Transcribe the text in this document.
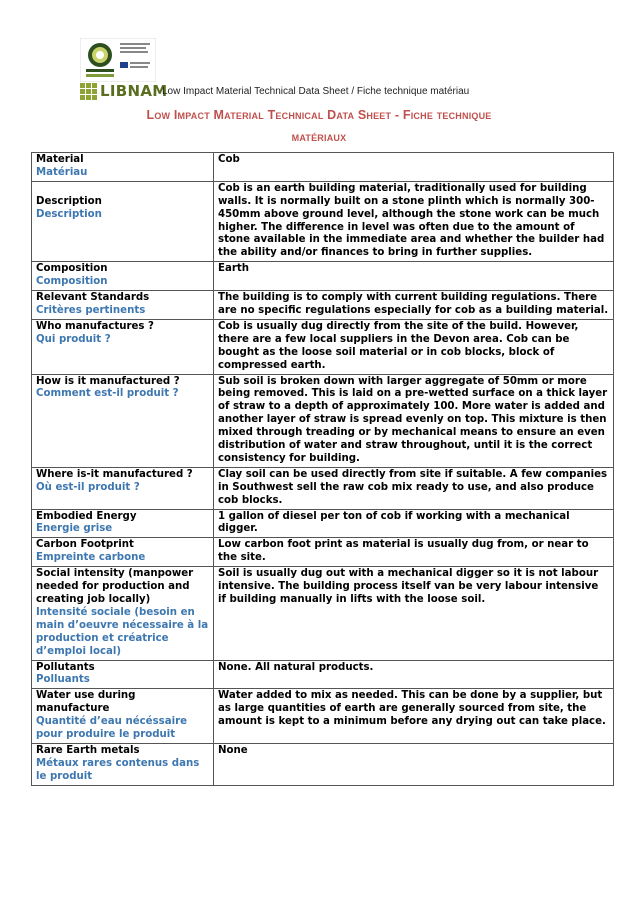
LIBNAM
Low Impact Material Technical Data Sheet / Fiche technique matériau
Low Impact Material Technical Data Sheet - Fiche technique
matériaux
Material
Matériau	Cob

Description
Description	Cob is an earth building material, traditionally used for building walls. It is normally built on a stone plinth which is normally 300-450mm above ground level, although the stone work can be much higher. The difference in level was often due to the amount of stone available in the immediate area and whether the builder had the ability and/or finances to bring in further supplies.

Composition
Composition	Earth

Relevant Standards
Critères pertinents	The building is to comply with current building regulations. There are no specific regulations especially for cob as a building material.

Who manufactures ?
Qui produit ?	Cob is usually dug directly from the site of the build. However, there are a few local suppliers in the Devon area. Cob can be bought as the loose soil material or in cob blocks, block of compressed earth.

How is it manufactured ?
Comment est-il produit ?	Sub soil is broken down with larger aggregate of 50mm or more being removed. This is laid on a pre-wetted surface on a thick layer of straw to a depth of approximately 100. More water is added and another layer of straw is spread evenly on top. This mixture is then mixed through treading or by mechanical means to ensure an even distribution of water and straw throughout, until it is the correct consistency for building.

Where is-it manufactured ?
Où est-il produit ?	Clay soil can be used directly from site if suitable. A few companies in Southwest sell the raw cob mix ready to use, and also produce cob blocks.

Embodied Energy
Energie grise	1 gallon of diesel per ton of cob if working with a mechanical digger.

Carbon Footprint
Empreinte carbone	Low carbon foot print as material is usually dug from, or near to the site.

Social intensity (manpower needed for production and creating job locally)
Intensité sociale (besoin en main d’oeuvre nécessaire à la production et créatrice d’emploi local)	Soil is usually dug out with a mechanical digger so it is not labour intensive. The building process itself van be very labour intensive if building manually in lifts with the loose soil.

Pollutants
Polluants	None. All natural products.

Water use during manufacture
Quantité d’eau nécéssaire pour produire le produit	Water added to mix as needed. This can be done by a supplier, but as large quantities of earth are generally sourced from site, the amount is kept to a minimum before any drying out can take place.

Rare Earth metals
Métaux rares contenus dans le produit	None
